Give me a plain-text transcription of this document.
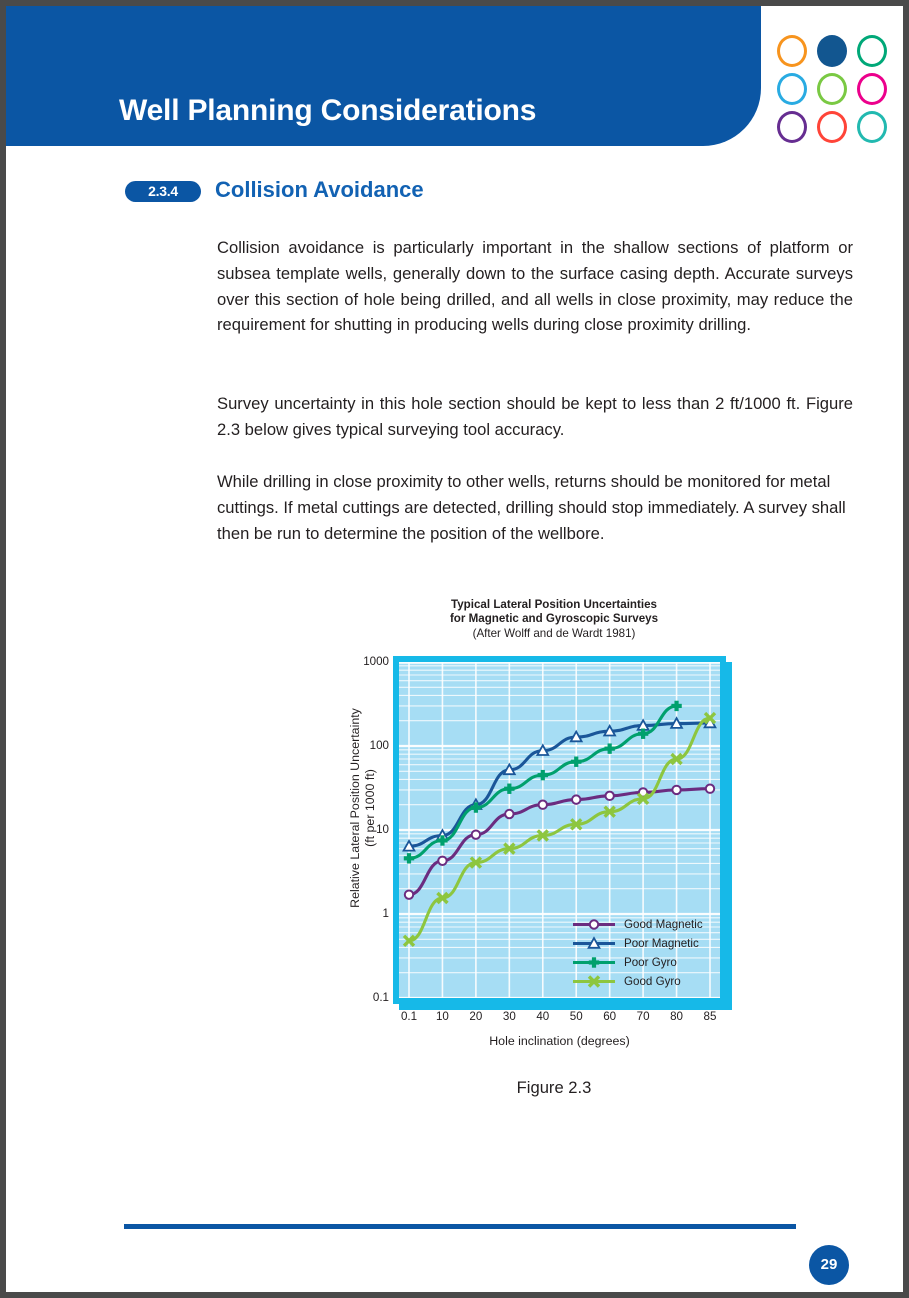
Well Planning Considerations
2.3.4	Collision Avoidance
Collision avoidance is particularly important in the shallow sections of platform or subsea template wells, generally down to the surface casing depth. Accurate surveys over this section of hole being drilled, and all wells in close proximity, may reduce the requirement for shutting in producing wells during close proximity drilling.
Survey uncertainty in this hole section should be kept to less than 2 ft/1000 ft. Figure 2.3 below gives typical surveying tool accuracy.
While drilling in close proximity to other wells, returns should be monitored for metal cuttings. If metal cuttings are detected, drilling should stop immediately. A survey shall then be run to determine the position of the wellbore.
Typical Lateral Position Uncertainties
for Magnetic and Gyroscopic Surveys
(After Wolff and de Wardt 1981)
Good Magnetic
Poor Magnetic
Poor Gyro
Good Gyro
0.1
1
10
100
1000
0.1 10 20 30 40 50 60 70 80 85
Hole inclination (degrees)
Relative Lateral Position Uncertainty (ft per 1000 ft)
Figure 2.3
29
